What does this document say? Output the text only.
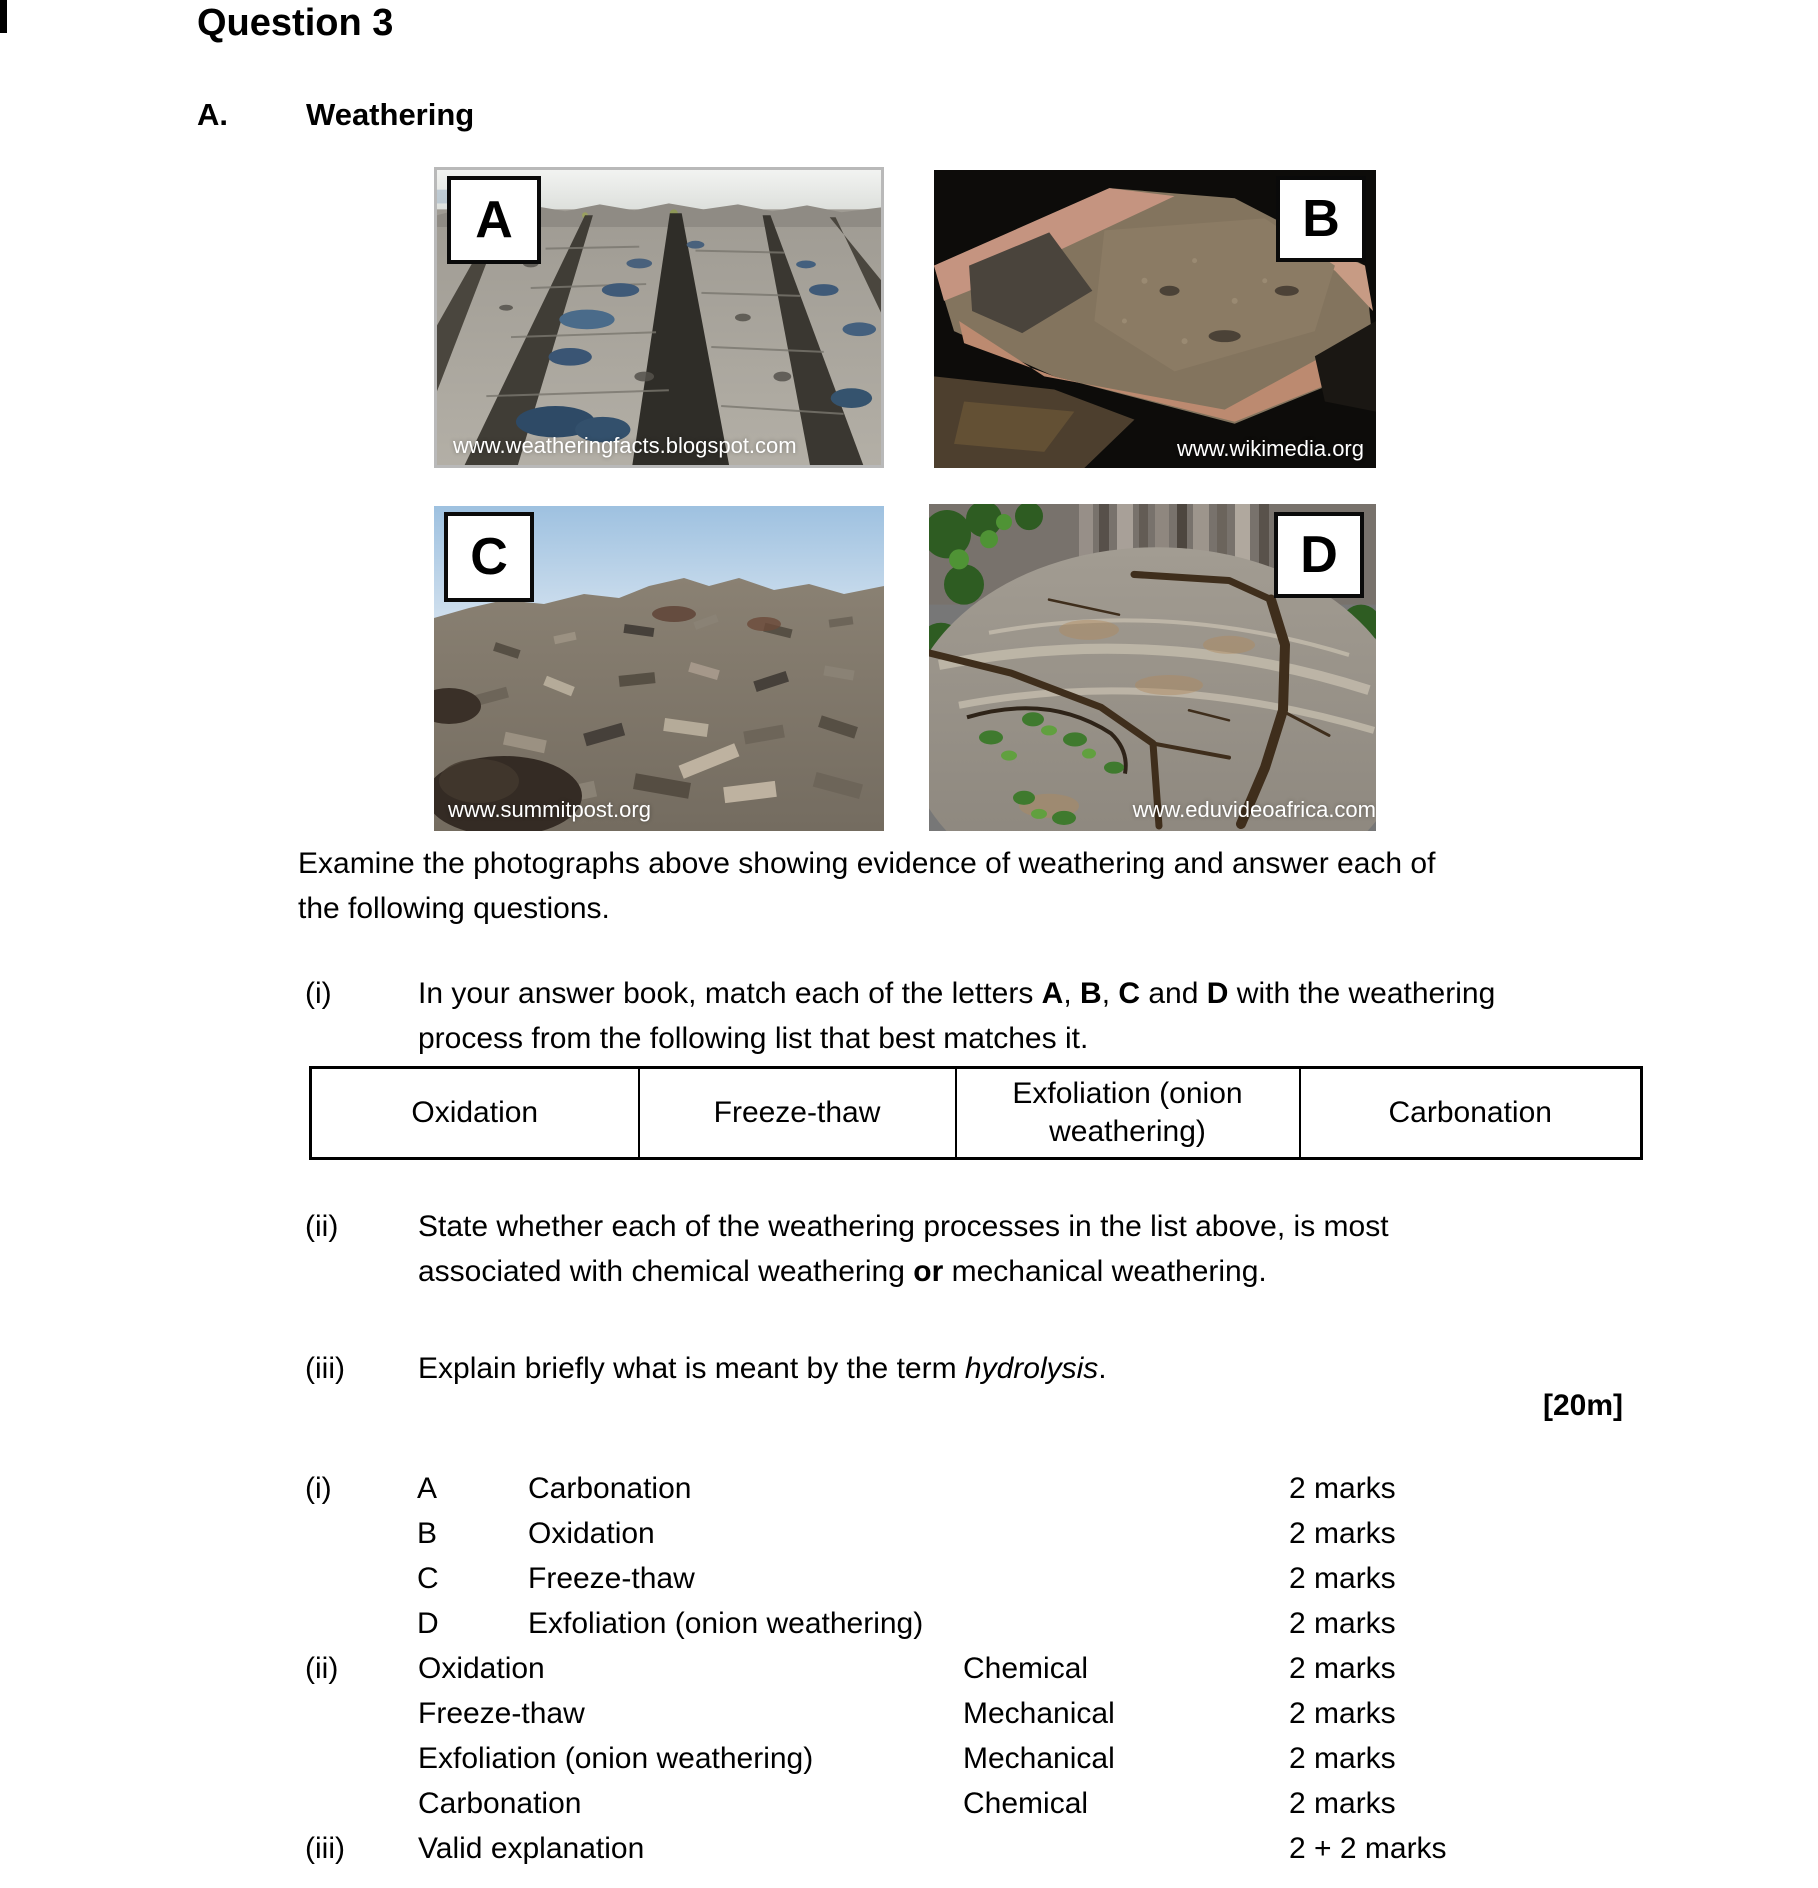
Question 3
A.	Weathering
A
www.weatheringfacts.blogspot.com
B
www.wikimedia.org
C
www.summitpost.org
D
www.eduvideoafrica.com
Examine the photographs above showing evidence of weathering and answer each of
the following questions.
(i)	In your answer book, match each of the letters A, B, C and D with the weathering
process from the following list that best matches it.
Oxidation	Freeze-thaw	Exfoliation (onion weathering)	Carbonation
(ii)	State whether each of the weathering processes in the list above, is most
associated with chemical weathering or mechanical weathering.
(iii) Explain briefly what is meant by the term hydrolysis.
[20m]
(i)	A	Carbonation	2 marks
B	Oxidation	2 marks
C	Freeze-thaw	2 marks
D	Exfoliation (onion weathering)	2 marks
(ii)	Oxidation	Chemical	2 marks
Freeze-thaw	Mechanical	2 marks
Exfoliation (onion weathering)	Mechanical	2 marks
Carbonation	Chemical	2 marks
(iii) Valid explanation	2 + 2 marks
